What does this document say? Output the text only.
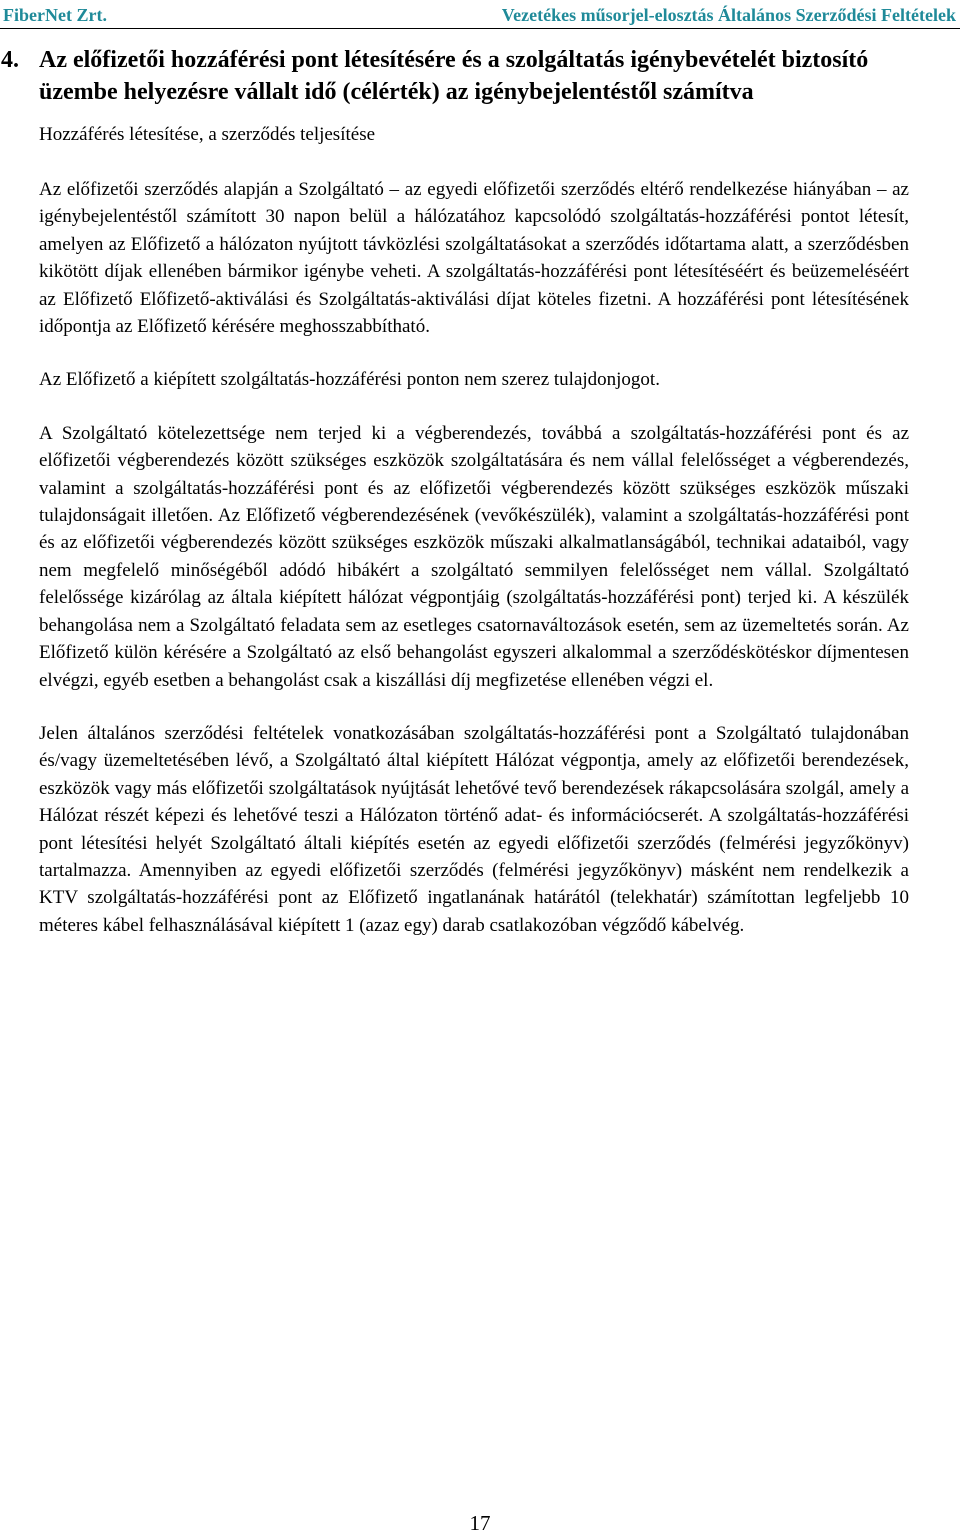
FiberNet Zrt.	Vezetékes műsorjel-elosztás Általános Szerződési Feltételek
4. Az előfizetői hozzáférési pont létesítésére és a szolgáltatás igénybevételét biztosító üzembe helyezésre vállalt idő (célérték) az igénybejelentéstől számítva

Hozzáférés létesítése, a szerződés teljesítése

Az előfizetői szerződés alapján a Szolgáltató – az egyedi előfizetői szerződés eltérő rendelkezése hiányában – az igénybejelentéstől számított 30 napon belül a hálózatához kapcsolódó szolgáltatás-hozzáférési pontot létesít, amelyen az Előfizető a hálózaton nyújtott távközlési szolgáltatásokat a szerződés időtartama alatt, a szerződésben kikötött díjak ellenében bármikor igénybe veheti. A szolgáltatás-hozzáférési pont létesítéséért és beüzemeléséért az Előfizető Előfizető-aktiválási és Szolgáltatás-aktiválási díjat köteles fizetni. A hozzáférési pont létesítésének időpontja az Előfizető kérésére meghosszabbítható.

Az Előfizető a kiépített szolgáltatás-hozzáférési ponton nem szerez tulajdonjogot.

A Szolgáltató kötelezettsége nem terjed ki a végberendezés, továbbá a szolgáltatás-hozzáférési pont és az előfizetői végberendezés között szükséges eszközök szolgáltatására és nem vállal felelősséget a végberendezés, valamint a szolgáltatás-hozzáférési pont és az előfizetői végberendezés között szükséges eszközök műszaki tulajdonságait illetően. Az Előfizető végberendezésének (vevőkészülék), valamint a szolgáltatás-hozzáférési pont és az előfizetői végberendezés között szükséges eszközök műszaki alkalmatlanságából, technikai adataiból, vagy nem megfelelő minőségéből adódó hibákért a szolgáltató semmilyen felelősséget nem vállal. Szolgáltató felelőssége kizárólag az általa kiépített hálózat végpontjáig (szolgáltatás-hozzáférési pont) terjed ki. A készülék behangolása nem a Szolgáltató feladata sem az esetleges csatornaváltozások esetén, sem az üzemeltetés során. Az Előfizető külön kérésére a Szolgáltató az első behangolást egyszeri alkalommal a szerződéskötéskor díjmentesen elvégzi, egyéb esetben a behangolást csak a kiszállási díj megfizetése ellenében végzi el.

Jelen általános szerződési feltételek vonatkozásában szolgáltatás-hozzáférési pont a Szolgáltató tulajdonában és/vagy üzemeltetésében lévő, a Szolgáltató által kiépített Hálózat végpontja, amely az előfizetői berendezések, eszközök vagy más előfizetői szolgáltatások nyújtását lehetővé tevő berendezések rákapcsolására szolgál, amely a Hálózat részét képezi és lehetővé teszi a Hálózaton történő adat- és információcserét. A szolgáltatás-hozzáférési pont létesítési helyét Szolgáltató általi kiépítés esetén az egyedi előfizetői szerződés (felmérési jegyzőkönyv) tartalmazza. Amennyiben az egyedi előfizetői szerződés (felmérési jegyzőkönyv) másként nem rendelkezik a KTV szolgáltatás-hozzáférési pont az Előfizető ingatlanának határától (telekhatár) számítottan legfeljebb 10 méteres kábel felhasználásával kiépített 1 (azaz egy) darab csatlakozóban végződő kábelvég.

17
